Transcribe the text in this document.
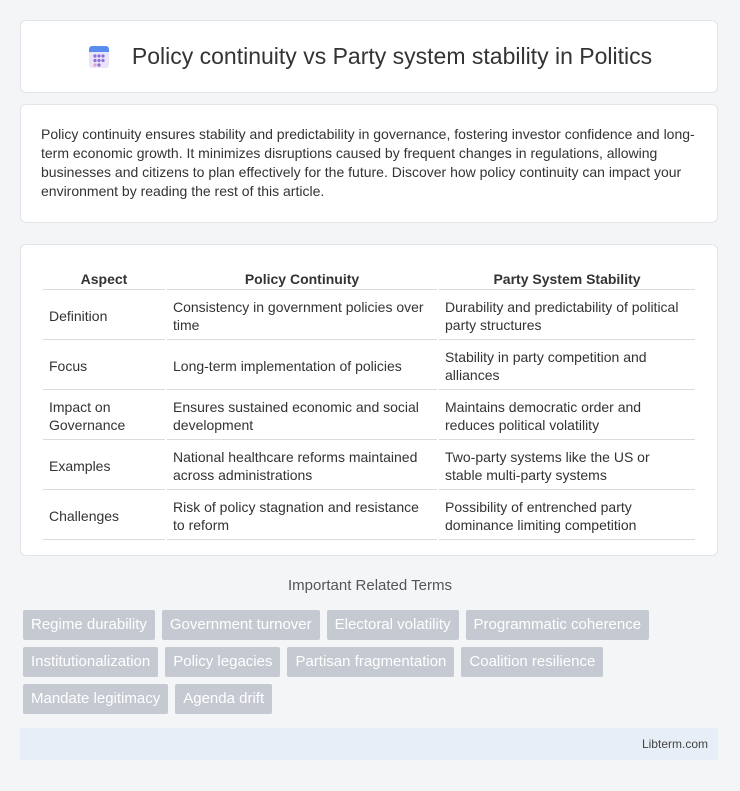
Policy continuity vs Party system stability in Politics

Policy continuity ensures stability and predictability in governance, fostering investor confidence and long-term economic growth. It minimizes disruptions caused by frequent changes in regulations, allowing businesses and citizens to plan effectively for the future. Discover how policy continuity can impact your environment by reading the rest of this article.

Aspect	Policy Continuity	Party System Stability
Definition	Consistency in government policies over time	Durability and predictability of political party structures
Focus	Long-term implementation of policies	Stability in party competition and alliances
Impact on Governance	Ensures sustained economic and social development	Maintains democratic order and reduces political volatility
Examples	National healthcare reforms maintained across administrations	Two-party systems like the US or stable multi-party systems
Challenges	Risk of policy stagnation and resistance to reform	Possibility of entrenched party dominance limiting competition
Important Related Terms
Regime durability	Government turnover	Electoral volatility	Programmatic coherence
Institutionalization	Policy legacies	Partisan fragmentation	Coalition resilience
Mandate legitimacy	Agenda drift
Libterm.com
